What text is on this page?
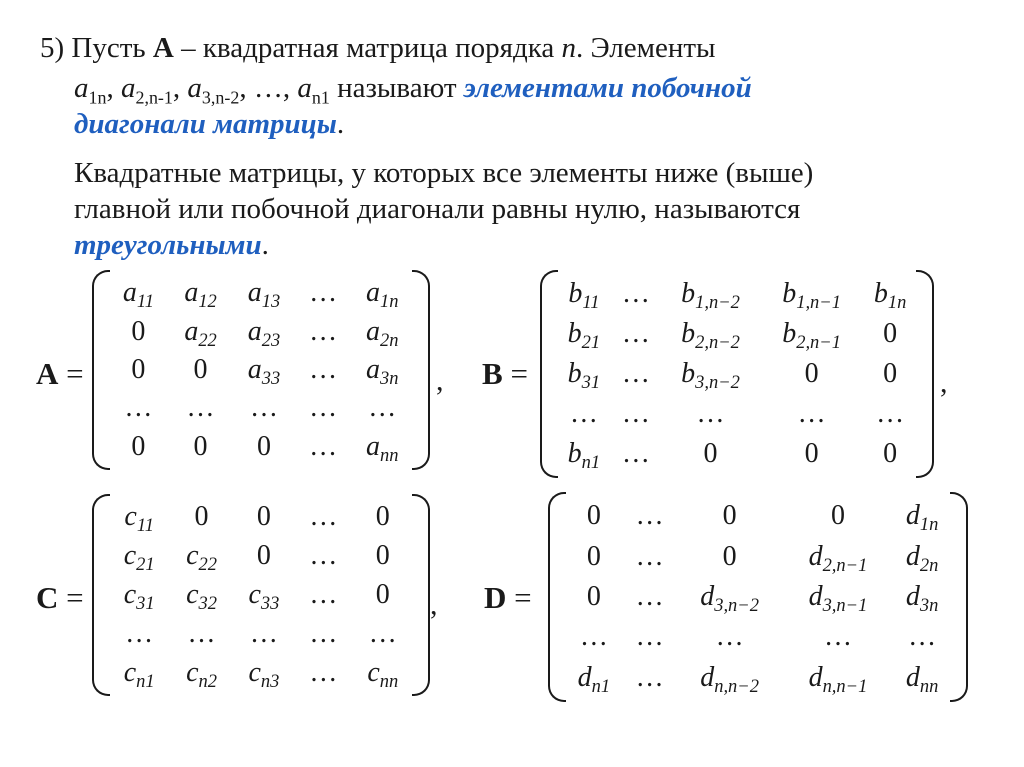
5) Пусть A – квадратная матрица порядка n. Элементы
$a_{1n}$, $a_{2,n-1}$, $a_{3,n-2}$, …, $a_{n1}$ называют элементами побочной
диагонали матрицы.
Квадратные матрицы, у которых все элементы ниже (выше)
главной или побочной диагонали равны нулю, называются
треугольными.
A =
$a_{11}$	$a_{12}$	$a_{13}$	…	$a_{1n}$
0	$a_{22}$	$a_{23}$	…	$a_{2n}$
0	0	$a_{33}$	…	$a_{3n}$
…	…	…	…	…
0	0	0	…	$a_{nn}$
, B =
$b_{11}$	…	$b_{1,n-2}$	$b_{1,n-1}$	$b_{1n}$
$b_{21}$	…	$b_{2,n-2}$	$b_{2,n-1}$	0
$b_{31}$	…	$b_{3,n-2}$	0	0
…	…	…	…	…
$b_{n1}$	…	0	0	0
,
C =
$c_{11}$	0	0	…	0
$c_{21}$	$c_{22}$	0	…	0
$c_{31}$	$c_{32}$	$c_{33}$	…	0
…	…	…	…	…
$c_{n1}$	$c_{n2}$	$c_{n3}$	…	$c_{nn}$
, D =
0	…	0	0	$d_{1n}$
0	…	0	$d_{2,n-1}$	$d_{2n}$
0	…	$d_{3,n-2}$	$d_{3,n-1}$	$d_{3n}$
…	…	…	…	…
$d_{n1}$	…	$d_{n,n-2}$	$d_{n,n-1}$	$d_{nn}$
